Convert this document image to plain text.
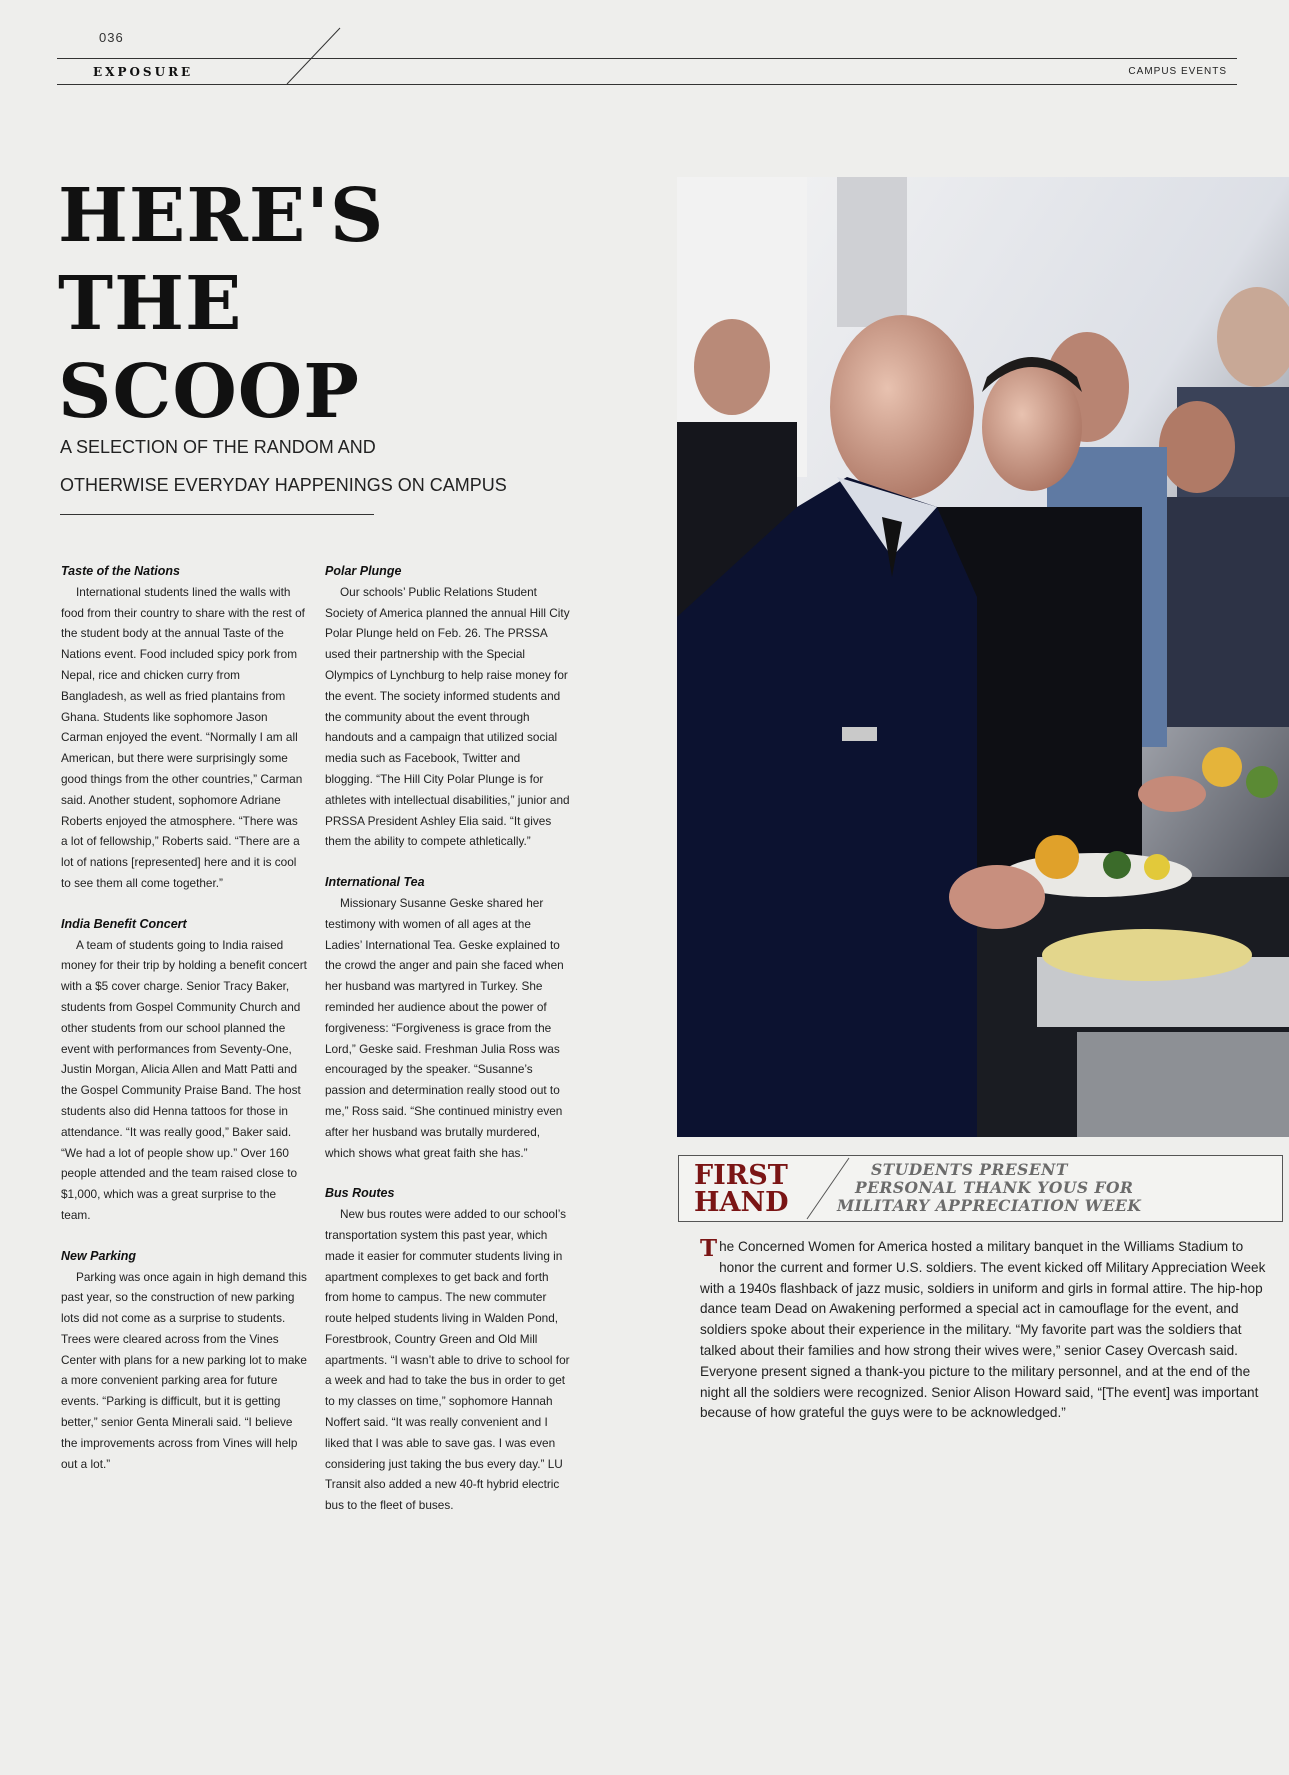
036
EXPOSURE	CAMPUS EVENTS
HERE'S
THE
SCOOP

A SELECTION OF THE RANDOM AND
OTHERWISE EVERYDAY HAPPENINGS ON CAMPUS

Taste of the Nations

International students lined the walls with food from their country to share with the rest of the student body at the annual Taste of the Nations event. Food included spicy pork from Nepal, rice and chicken curry from Bangladesh, as well as fried plantains from Ghana. Students like sophomore Jason Carman enjoyed the event. “Normally I am all American, but there were surprisingly some good things from the other countries,” Carman said. Another student, sophomore Adriane Roberts enjoyed the atmosphere. “There was a lot of fellowship,” Roberts said. “There are a lot of nations [represented] here and it is cool to see them all come together.”

India Benefit Concert

A team of students going to India raised money for their trip by holding a benefit concert with a $5 cover charge. Senior Tracy Baker, students from Gospel Community Church and other students from our school planned the event with performances from Seventy-One, Justin Morgan, Alicia Allen and Matt Patti and the Gospel Community Praise Band. The host students also did Henna tattoos for those in attendance. “It was really good,” Baker said. “We had a lot of people show up.” Over 160 people attended and the team raised close to $1,000, which was a great surprise to the team.

New Parking

Parking was once again in high demand this past year, so the construction of new parking lots did not come as a surprise to students. Trees were cleared across from the Vines Center with plans for a new parking lot to make a more convenient parking area for future events. “Parking is difficult, but it is getting better,” senior Genta Minerali said. “I believe the improvements across from Vines will help out a lot.”

Polar Plunge

Our schools’ Public Relations Student Society of America planned the annual Hill City Polar Plunge held on Feb. 26. The PRSSA used their partnership with the Special Olympics of Lynchburg to help raise money for the event. The society informed students and the community about the event through handouts and a campaign that utilized social media such as Facebook, Twitter and blogging. “The Hill City Polar Plunge is for athletes with intellectual disabilities,” junior and PRSSA President Ashley Elia said. “It gives them the ability to compete athletically.”

International Tea

Missionary Susanne Geske shared her testimony with women of all ages at the Ladies’ International Tea. Geske explained to the crowd the anger and pain she faced when her husband was martyred in Turkey. She reminded her audience about the power of forgiveness: “Forgiveness is grace from the Lord,” Geske said. Freshman Julia Ross was encouraged by the speaker. “Susanne’s passion and determination really stood out to me,” Ross said. “She continued ministry even after her husband was brutally murdered, which shows what great faith she has.”

Bus Routes

New bus routes were added to our school’s transportation system this past year, which made it easier for commuter students living in apartment complexes to get back and forth from home to campus. The new commuter route helped students living in Walden Pond, Forestbrook, Country Green and Old Mill apartments. “I wasn’t able to drive to school for a week and had to take the bus in order to get to my classes on time,” sophomore Hannah Noffert said. “It was really convenient and I liked that I was able to save gas. I was even considering just taking the bus every day.” LU Transit also added a new 40-ft hybrid electric bus to the fleet of buses.

FIRST
HAND
STUDENTS PRESENT
PERSONAL THANK YOUS FOR
MILITARY APPRECIATION WEEK

The Concerned Women for America hosted a military banquet in the Williams Stadium to honor the current and former U.S. soldiers. The event kicked off Military Appreciation Week with a 1940s flashback of jazz music, soldiers in uniform and girls in formal attire. The hip-hop dance team Dead on Awakening performed a special act in camouflage for the event, and soldiers spoke about their experience in the military. “My favorite part was the soldiers that talked about their families and how strong their wives were,” senior Casey Overcash said. Everyone present signed a thank-you picture to the military personnel, and at the end of the night all the soldiers were recognized. Senior Alison Howard said, “[The event] was important because of how grateful the guys were to be acknowledged.”
